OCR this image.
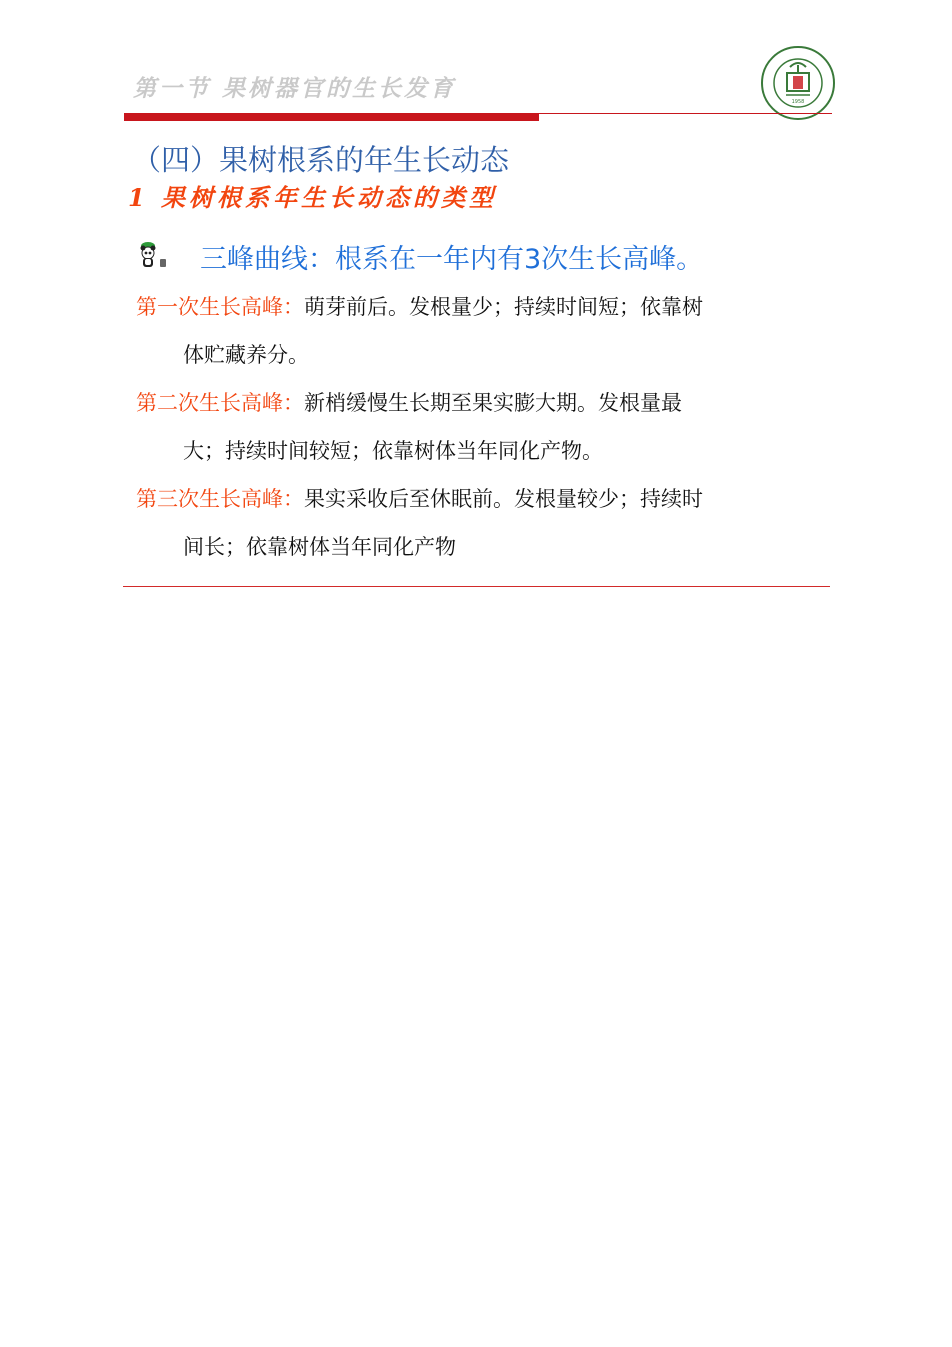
第一节 果树器官的生长发育	1958
（四）果树根系的年生长动态
1 果树根系年生长动态的类型
三峰曲线：根系在一年内有3次生长高峰。
第一次生长高峰：萌芽前后。发根量少；持续时间短；依靠树
体贮藏养分。
第二次生长高峰：新梢缓慢生长期至果实膨大期。发根量最
大；持续时间较短；依靠树体当年同化产物。
第三次生长高峰：果实采收后至休眠前。发根量较少；持续时
间长；依靠树体当年同化产物
